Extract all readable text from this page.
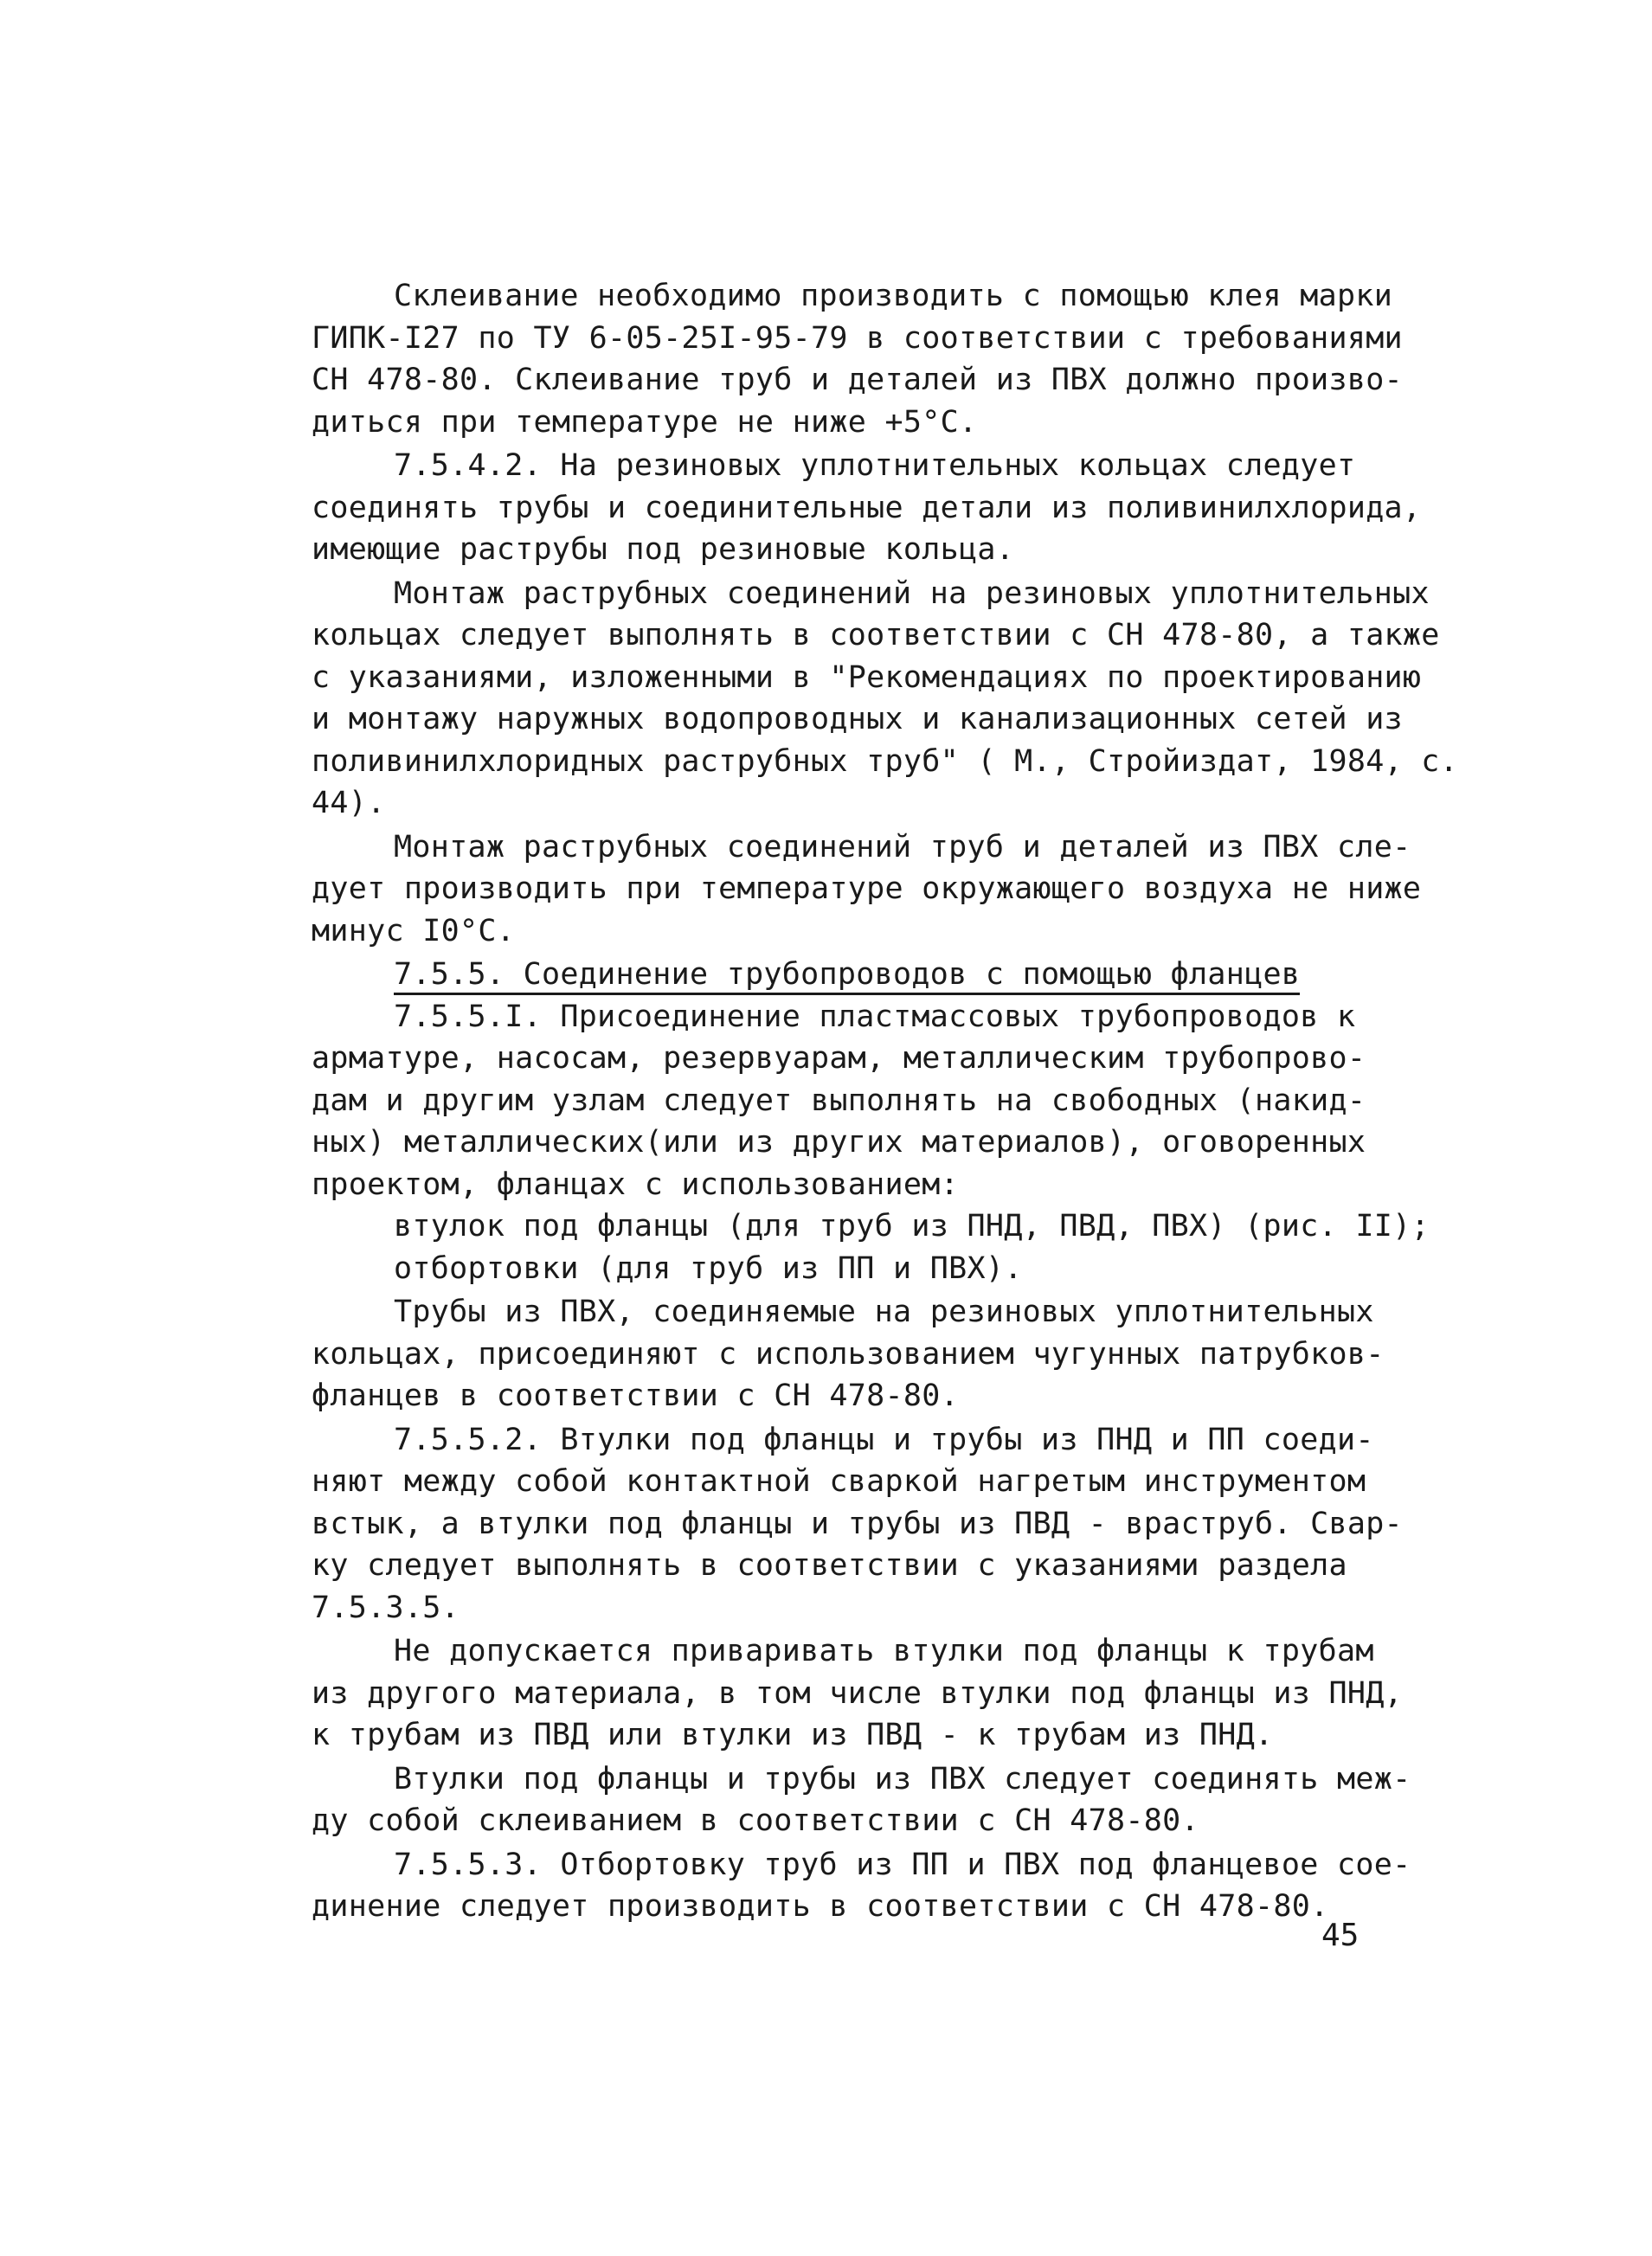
Склеивание необходимо производить с помощью клея марки
ГИПК-I27 по ТУ 6-05-25I-95-79 в соответствии с требованиями
СН 478-80. Склеивание труб и деталей из ПВХ должно произво-
диться при температуре не ниже +5°С.
7.5.4.2. На резиновых уплотнительных кольцах следует
соединять трубы и соединительные детали из поливинилхлорида,
имеющие раструбы под резиновые кольца.
Монтаж раструбных соединений на резиновых уплотнительных
кольцах следует выполнять в соответствии с СН 478-80, а также
с указаниями, изложенными в "Рекомендациях по проектированию
и монтажу наружных водопроводных и канализационных сетей из
поливинилхлоридных раструбных труб" ( М., Стройиздат, 1984, с.
44).
Монтаж раструбных соединений труб и деталей из ПВХ сле-
дует производить при температуре окружающего воздуха не ниже
минус I0°С.
7.5.5. Соединение трубопроводов с помощью фланцев
7.5.5.I. Присоединение пластмассовых трубопроводов к
арматуре, насосам, резервуарам, металлическим трубопрово-
дам и другим узлам следует выполнять на свободных (накид-
ных) металлических(или из других материалов), оговоренных
проектом, фланцах с использованием:
втулок под фланцы (для труб из ПНД, ПВД, ПВХ) (рис. II);
отбортовки (для труб из ПП и ПВХ).
Трубы из ПВХ, соединяемые на резиновых уплотнительных
кольцах, присоединяют с использованием чугунных патрубков-
фланцев в соответствии с СН 478-80.
7.5.5.2. Втулки под фланцы и трубы из ПНД и ПП соеди-
няют между собой контактной сваркой нагретым инструментом
встык, а втулки под фланцы и трубы из ПВД - враструб. Свар-
ку следует выполнять в соответствии с указаниями раздела
7.5.3.5.
Не допускается приваривать втулки под фланцы к трубам
из другого материала, в том числе втулки под фланцы из ПНД,
к трубам из ПВД или втулки из ПВД - к трубам из ПНД.
Втулки под фланцы и трубы из ПВХ следует соединять меж-
ду собой склеиванием в соответствии с СН 478-80.
7.5.5.3. Отбортовку труб из ПП и ПВХ под фланцевое сое-
динение следует производить в соответствии с СН 478-80.
45
